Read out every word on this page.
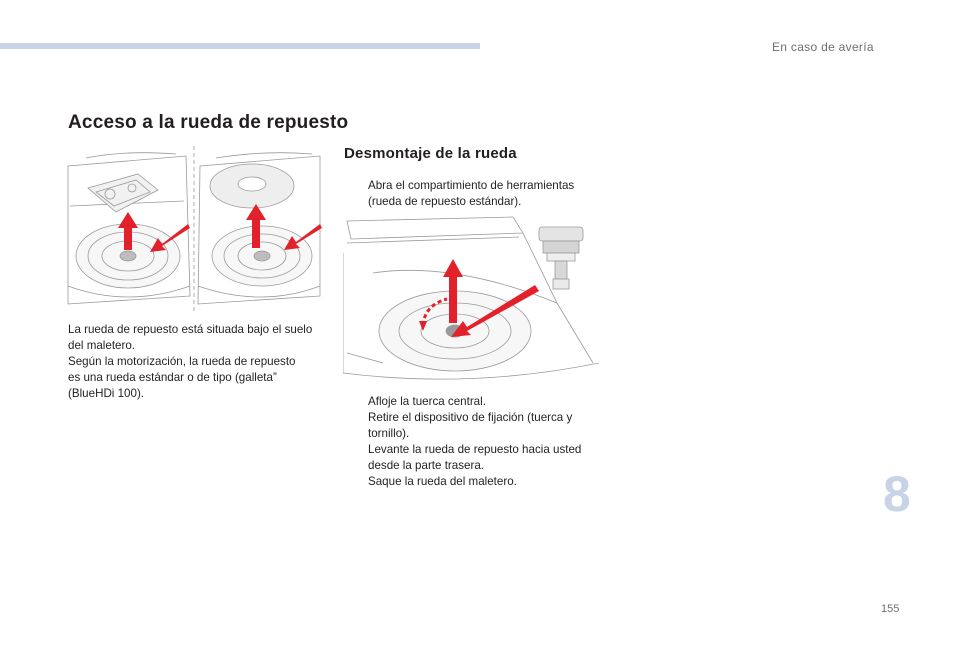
En caso de avería
Acceso a la rueda de repuesto
La rueda de repuesto está situada bajo el suelo
del maletero.
Según la motorización, la rueda de repuesto
es una rueda estándar o de tipo (galleta”
(BlueHDi 100).
Desmontaje de la rueda
Abra el compartimiento de herramientas
(rueda de repuesto estándar).
Afloje la tuerca central.
Retire el dispositivo de fijación (tuerca y
tornillo).
Levante la rueda de repuesto hacia usted
desde la parte trasera.
Saque la rueda del maletero.	8
155
